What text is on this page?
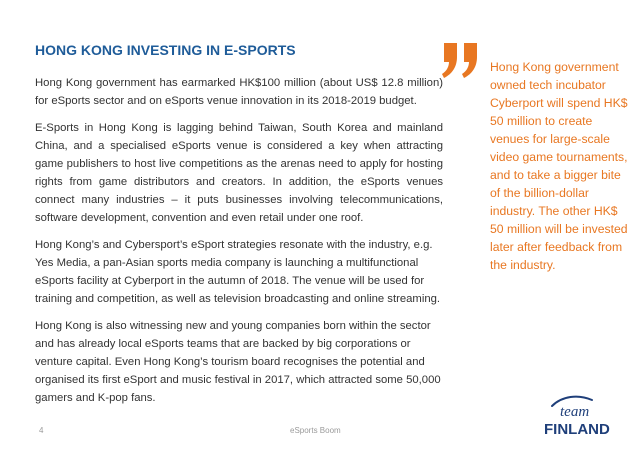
HONG KONG INVESTING IN E-SPORTS

Hong Kong government has earmarked HK$100 million (about US$ 12.8 million) for eSports sector and on eSports venue innovation in its 2018-2019 budget.

E-Sports in Hong Kong is lagging behind Taiwan, South Korea and mainland China, and a specialised eSports venue is considered a key when attracting game publishers to host live competitions as the arenas need to apply for hosting rights from game distributors and creators. In addition, the eSports venues connect many industries – it puts businesses involving telecommunications, software development, convention and even retail under one roof.

Hong Kong’s and Cybersport’s eSport strategies resonate with the industry, e.g. Yes Media, a pan-Asian sports media company is launching a multifunctional eSports facility at Cyberport in the autumn of 2018. The venue will be used for training and competition, as well as television broadcasting and online streaming.

Hong Kong is also witnessing new and young companies born within the sector and has already local eSports teams that are backed by big corporations or venture capital. Even Hong Kong’s tourism board recognises the potential and organised its first eSport and music festival in 2017, which attracted some 50,000 gamers and K-pop fans.

Hong Kong government owned tech incubator Cyberport will spend HK$ 50 million to create venues for large-scale video game tournaments, and to take a bigger bite of the billion-dollar industry. The other HK$ 50 million will be invested later after feedback from the industry.

4	eSports Boom
team
FINLAND
